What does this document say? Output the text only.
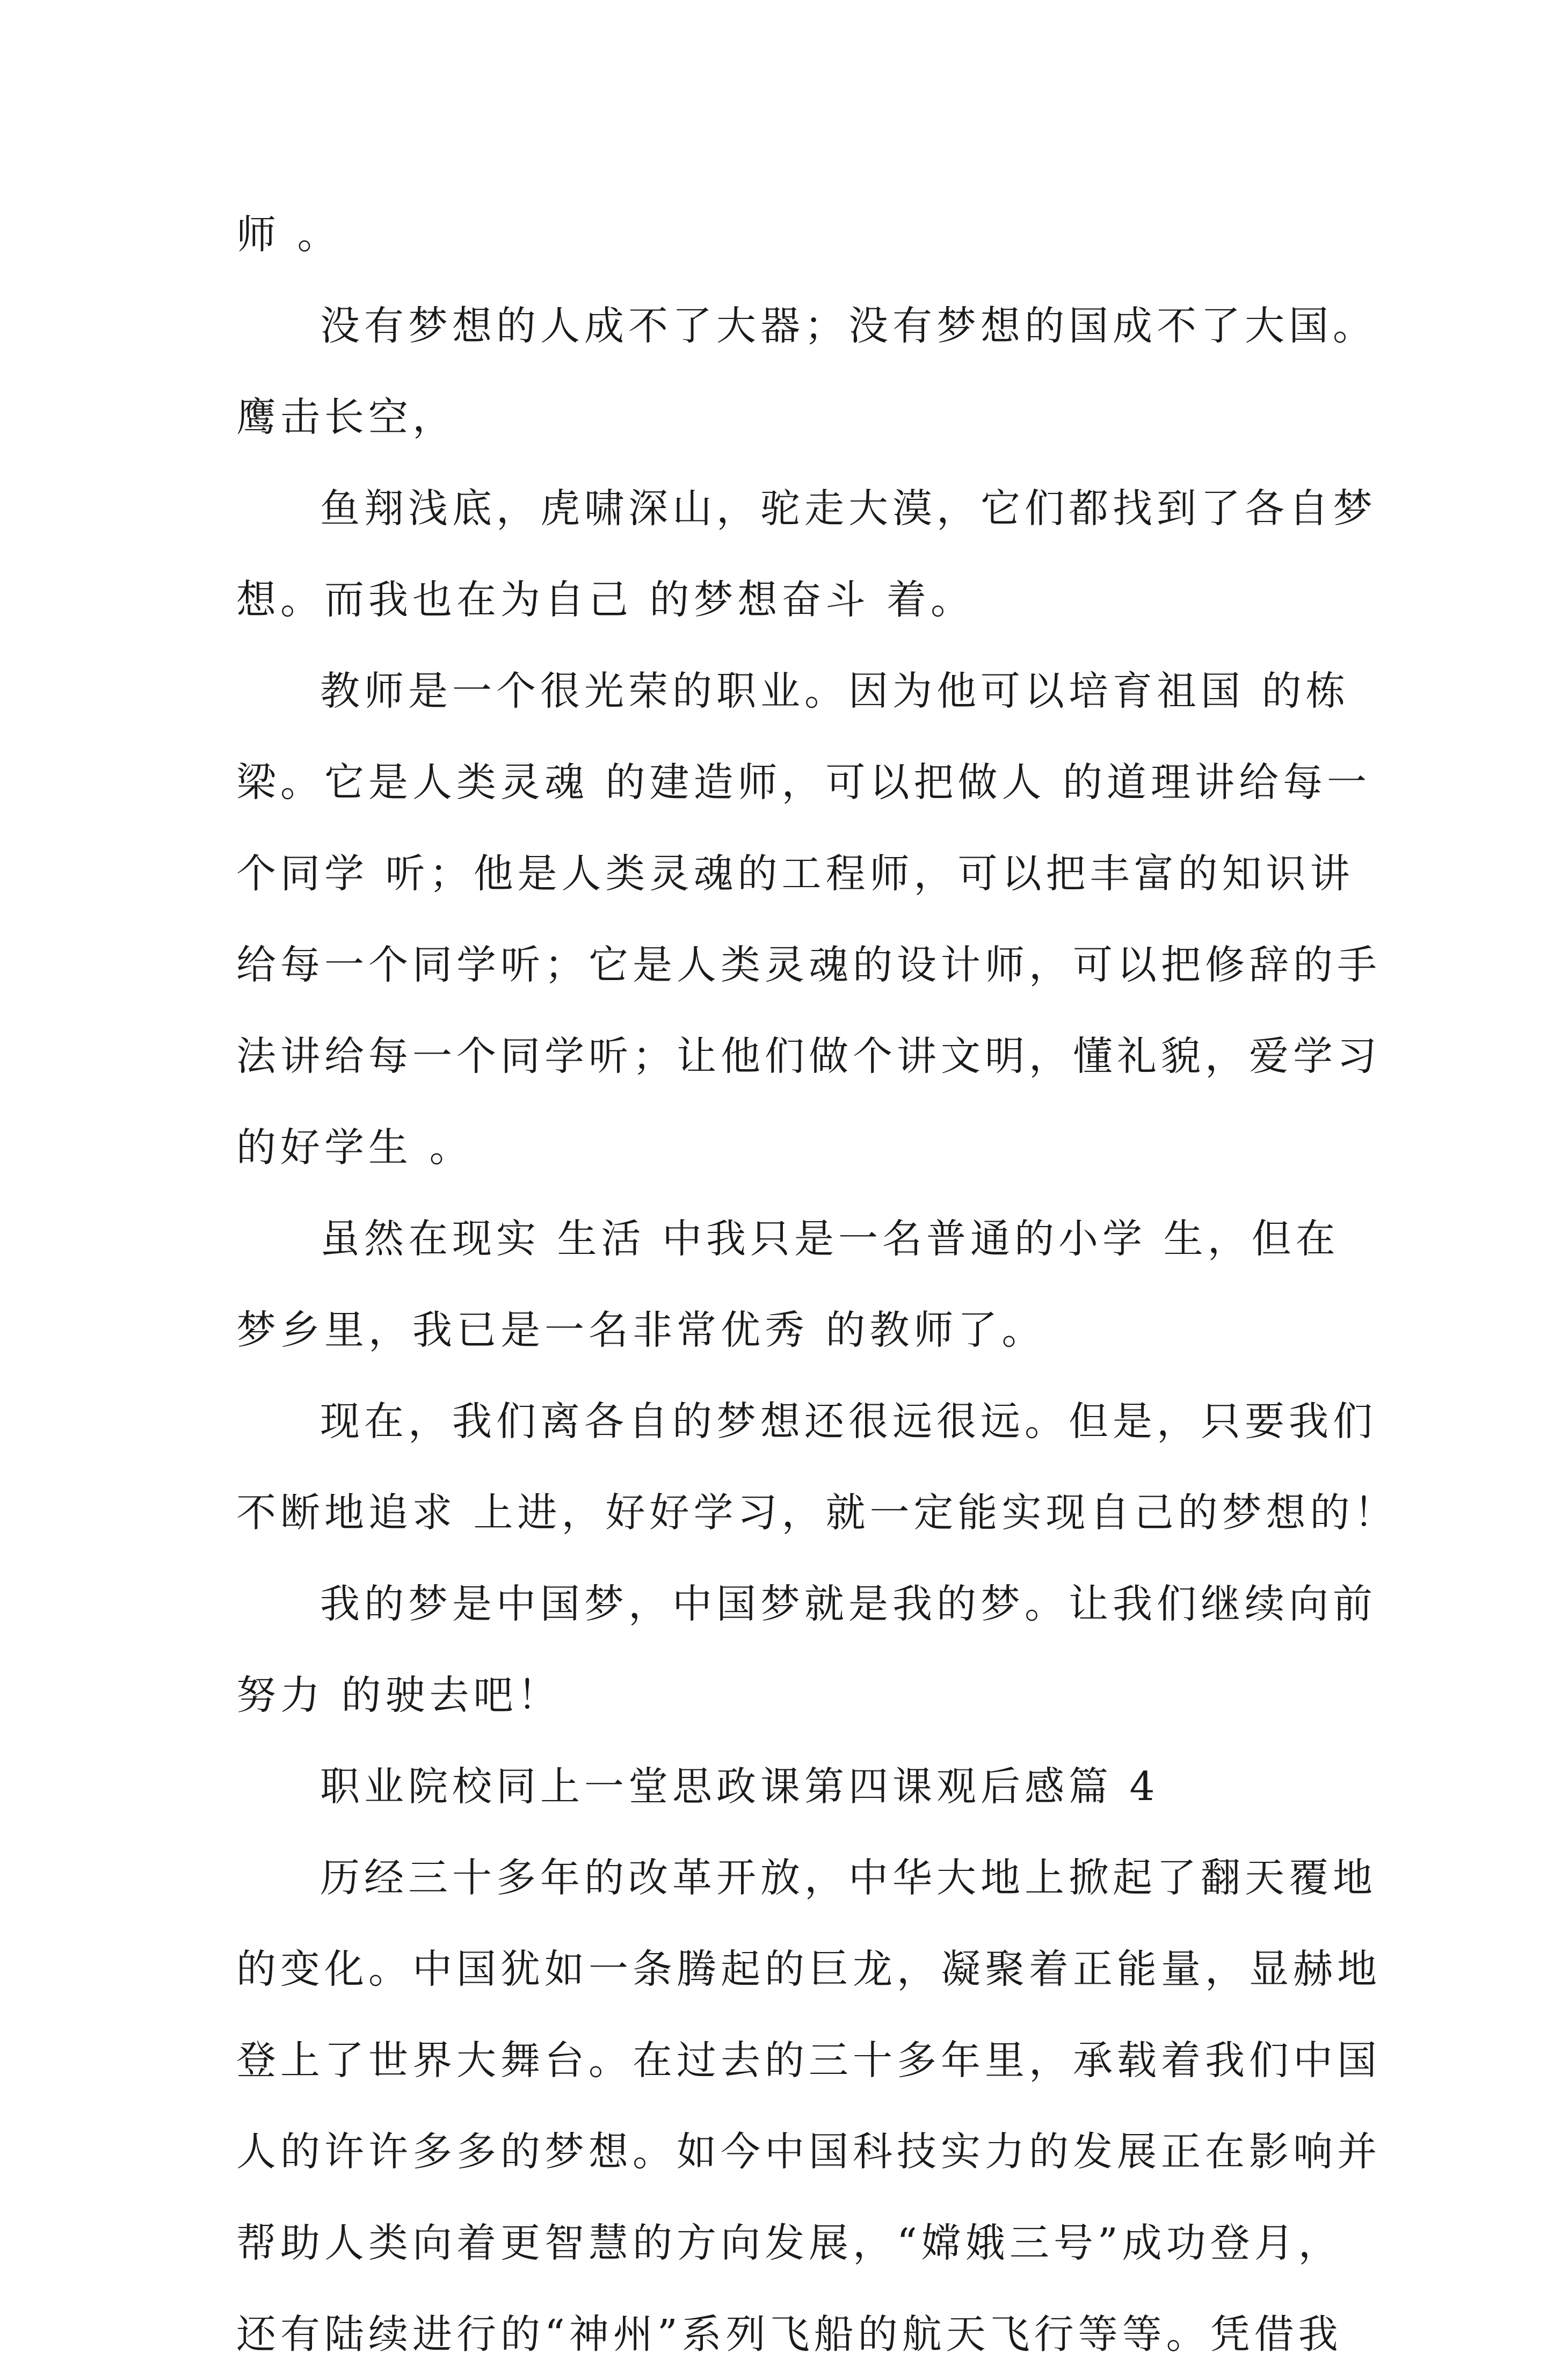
师 。
没有梦想的人成不了大器；没有梦想的国成不了大国。
鹰击长空，
鱼翔浅底，虎啸深山，驼走大漠，它们都找到了各自梦
想。而我也在为自己 的梦想奋斗 着。
教师是一个很光荣的职业。因为他可以培育祖国 的栋
梁。它是人类灵魂 的建造师，可以把做人 的道理讲给每一
个同学 听；他是人类灵魂的工程师，可以把丰富的知识讲
给每一个同学听；它是人类灵魂的设计师，可以把修辞的手
法讲给每一个同学听；让他们做个讲文明，懂礼貌，爱学习
的好学生 。
虽然在现实 生活 中我只是一名普通的小学 生，但在
梦乡里，我已是一名非常优秀 的教师了。
现在，我们离各自的梦想还很远很远。但是，只要我们
不断地追求 上进，好好学习，就一定能实现自己的梦想的！
我的梦是中国梦，中国梦就是我的梦。让我们继续向前
努力 的驶去吧！
职业院校同上一堂思政课第四课观后感篇 4
历经三十多年的改革开放，中华大地上掀起了翻天覆地
的变化。中国犹如一条腾起的巨龙，凝聚着正能量，显赫地
登上了世界大舞台。在过去的三十多年里，承载着我们中国
人的许许多多的梦想。如今中国科技实力的发展正在影响并
帮助人类向着更智慧的方向发展，“嫦娥三号”成功登月，
还有陆续进行的“神州”系列飞船的航天飞行等等。凭借我
